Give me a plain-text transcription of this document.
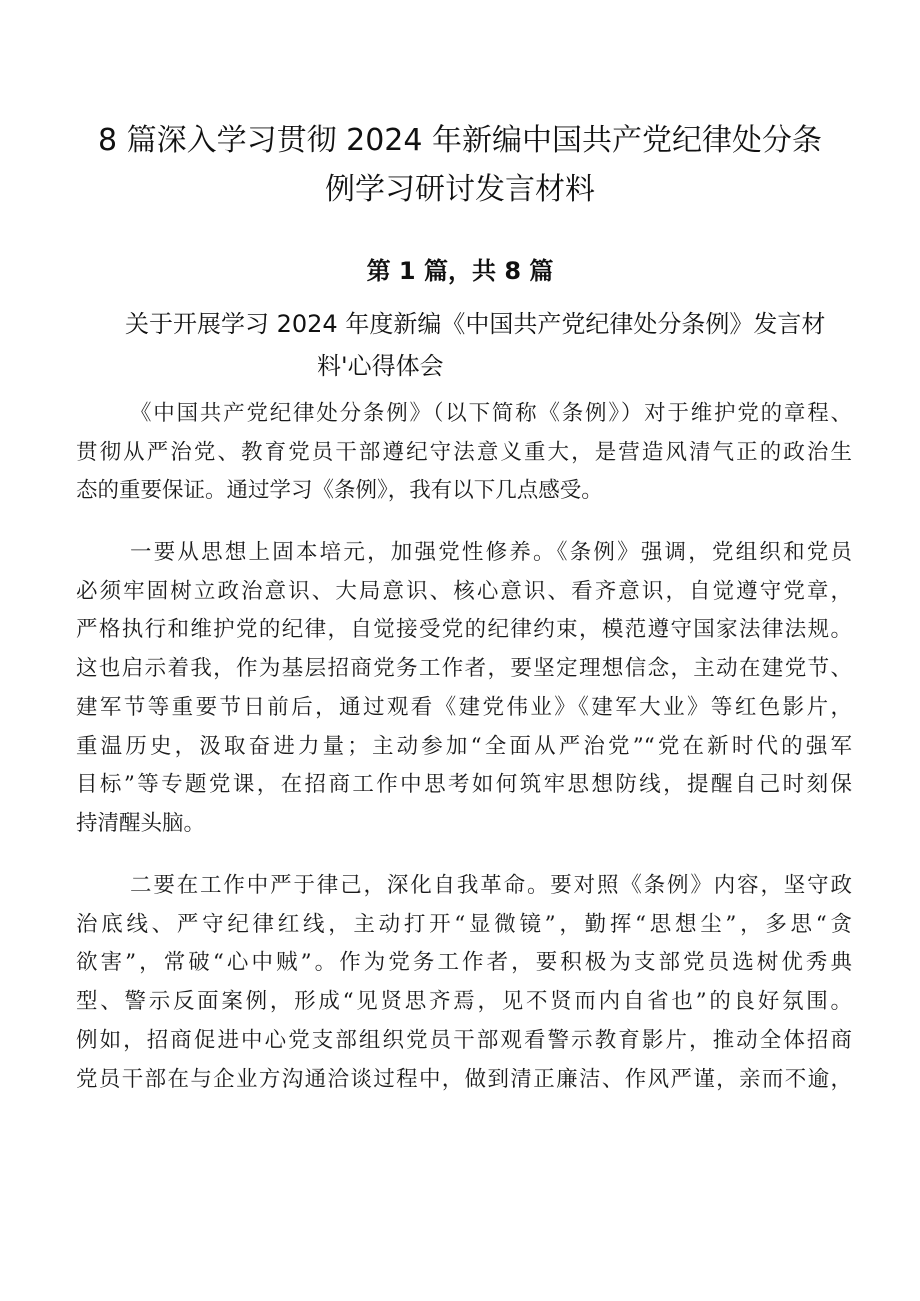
8 篇深入学习贯彻 2024 年新编中国共产党纪律处分条
例学习研讨发言材料
第 1 篇，共 8 篇
关于开展学习 2024 年度新编《中国共产党纪律处分条例》发言材
料'心得体会
《中国共产党纪律处分条例》（以下简称《条例》）对于维护党的章程、
贯彻从严治党、教育党员干部遵纪守法意义重大，是营造风清气正的政治生
态的重要保证。通过学习《条例》，我有以下几点感受。
一要从思想上固本培元，加强党性修养。《条例》强调，党组织和党员
必须牢固树立政治意识、大局意识、核心意识、看齐意识，自觉遵守党章，
严格执行和维护党的纪律，自觉接受党的纪律约束，模范遵守国家法律法规。
这也启示着我，作为基层招商党务工作者，要坚定理想信念，主动在建党节、
建军节等重要节日前后，通过观看《建党伟业》《建军大业》等红色影片，
重温历史，汲取奋进力量；主动参加“全面从严治党”“党在新时代的强军
目标”等专题党课，在招商工作中思考如何筑牢思想防线，提醒自己时刻保
持清醒头脑。
二要在工作中严于律己，深化自我革命。要对照《条例》内容，坚守政
治底线、严守纪律红线，主动打开“显微镜”，勤挥“思想尘”，多思“贪
欲害”，常破“心中贼”。作为党务工作者，要积极为支部党员选树优秀典
型、警示反面案例，形成“见贤思齐焉，见不贤而内自省也”的良好氛围。
例如，招商促进中心党支部组织党员干部观看警示教育影片，推动全体招商
党员干部在与企业方沟通洽谈过程中，做到清正廉洁、作风严谨，亲而不逾，
